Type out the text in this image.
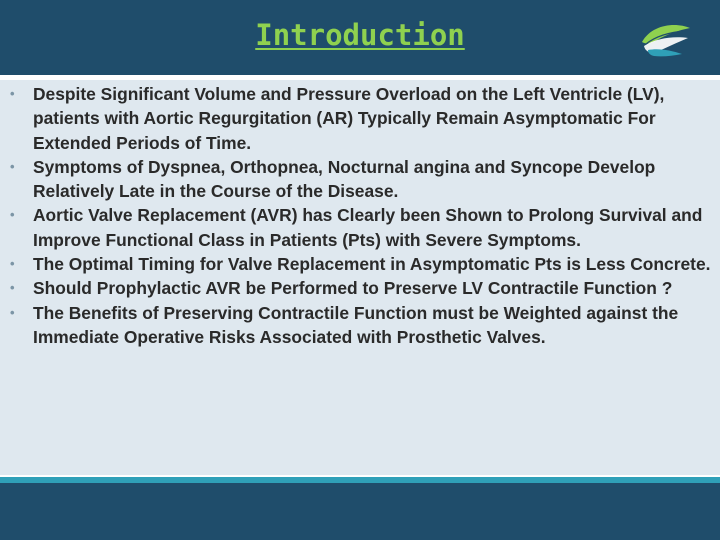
Introduction
• Despite Significant Volume and Pressure Overload on the Left Ventricle (LV), patients with Aortic Regurgitation (AR) Typically Remain Asymptomatic For Extended Periods of Time.
• Symptoms of Dyspnea, Orthopnea, Nocturnal angina and Syncope Develop Relatively Late in the Course of the Disease.
• Aortic Valve Replacement (AVR) has Clearly been Shown to Prolong Survival and Improve Functional Class in Patients (Pts) with Severe Symptoms.
• The Optimal Timing for Valve Replacement in Asymptomatic Pts is Less Concrete.
• Should Prophylactic AVR be Performed to Preserve LV Contractile Function ?
• The Benefits of Preserving Contractile Function must be Weighted against the Immediate Operative Risks Associated with Prosthetic Valves.
